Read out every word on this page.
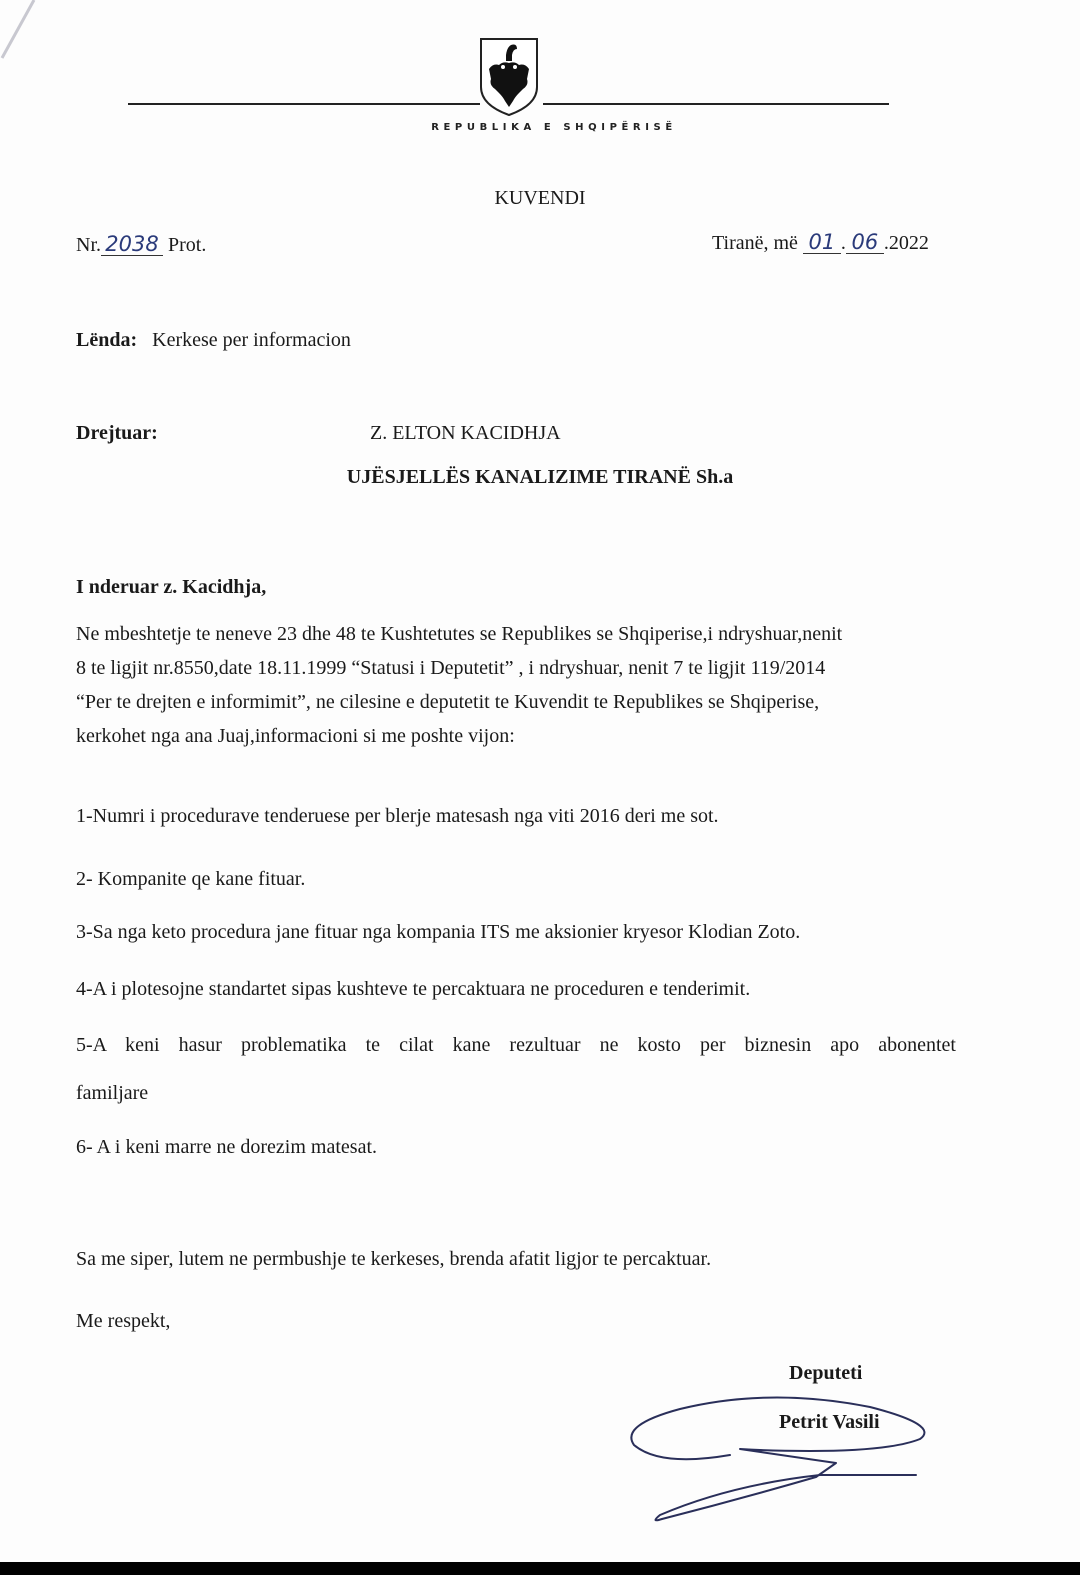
REPUBLIKA E SHQIPËRISË
KUVENDI
Nr. 2038 Prot.	Tiranë, më 01 . 06 .2022
Lënda: Kerkese per informacion
Drejtuar:	Z. ELTON KACIDHJA
UJËSJELLËS KANALIZIME TIRANË Sh.a
I nderuar z. Kacidhja,
Ne mbeshtetje te neneve 23 dhe 48 te Kushtetutes se Republikes se Shqiperise,i ndryshuar,nenit
8 te ligjit nr.8550,date 18.11.1999 “Statusi i Deputetit” , i ndryshuar, nenit 7 te ligjit 119/2014
“Per te drejten e informimit”, ne cilesine e deputetit te Kuvendit te Republikes se Shqiperise,
kerkohet nga ana Juaj,informacioni si me poshte vijon:
1-Numri i procedurave tenderuese per blerje matesash nga viti 2016 deri me sot.
2- Kompanite qe kane fituar.
3-Sa nga keto procedura jane fituar nga kompania ITS me aksionier kryesor Klodian Zoto.
4-A i plotesojne standartet sipas kushteve te percaktuara ne proceduren e tenderimit.
5-A keni hasur problematika te cilat kane rezultuar ne kosto per biznesin apo abonentet
familjare
6- A i keni marre ne dorezim matesat.
Sa me siper, lutem ne permbushje te kerkeses, brenda afatit ligjor te percaktuar.
Me respekt,
Deputeti
Petrit Vasili
